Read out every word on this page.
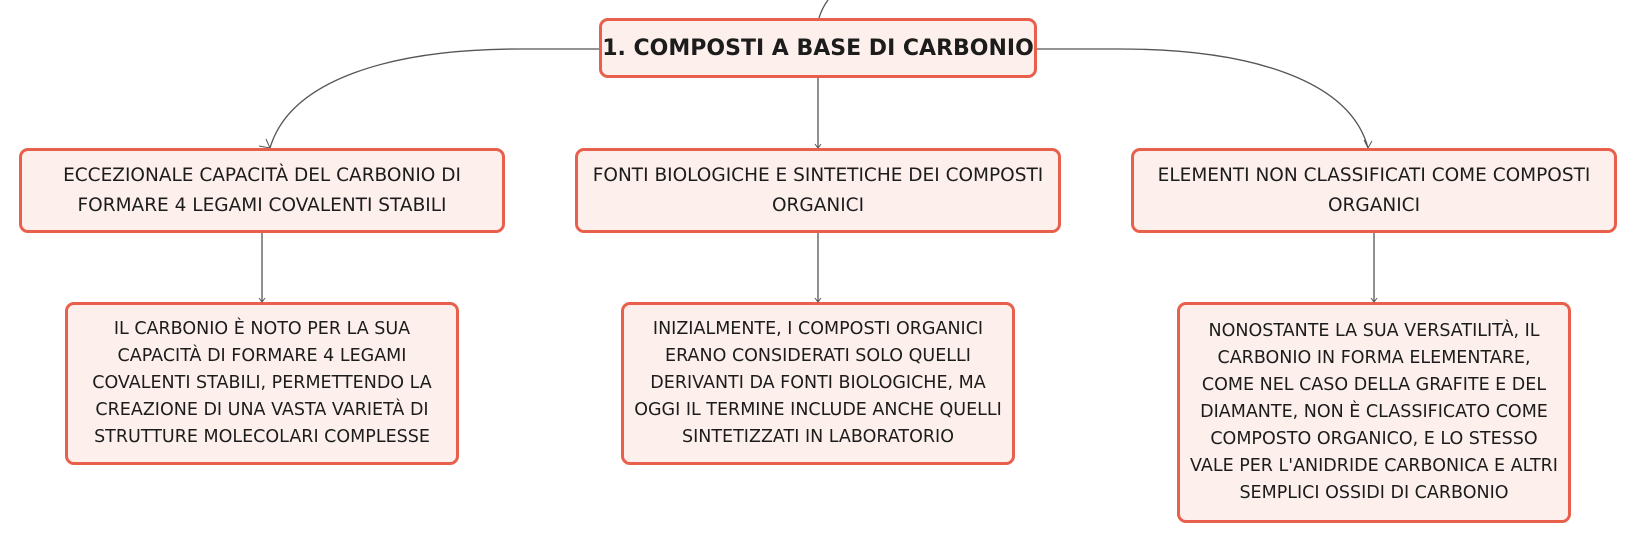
1. COMPOSTI A BASE DI CARBONIO
ECCEZIONALE CAPACITÀ DEL CARBONIO DI FORMARE 4 LEGAMI COVALENTI STABILI
FONTI BIOLOGICHE E SINTETICHE DEI COMPOSTI ORGANICI
ELEMENTI NON CLASSIFICATI COME COMPOSTI ORGANICI
IL CARBONIO È NOTO PER LA SUA CAPACITÀ DI FORMARE 4 LEGAMI COVALENTI STABILI, PERMETTENDO LA CREAZIONE DI UNA VASTA VARIETÀ DI STRUTTURE MOLECOLARI COMPLESSE
INIZIALMENTE, I COMPOSTI ORGANICI ERANO CONSIDERATI SOLO QUELLI DERIVANTI DA FONTI BIOLOGICHE, MA OGGI IL TERMINE INCLUDE ANCHE QUELLI SINTETIZZATI IN LABORATORIO
NONOSTANTE LA SUA VERSATILITÀ, IL CARBONIO IN FORMA ELEMENTARE, COME NEL CASO DELLA GRAFITE E DEL DIAMANTE, NON È CLASSIFICATO COME COMPOSTO ORGANICO, E LO STESSO VALE PER L'ANIDRIDE CARBONICA E ALTRI SEMPLICI OSSIDI DI CARBONIO
